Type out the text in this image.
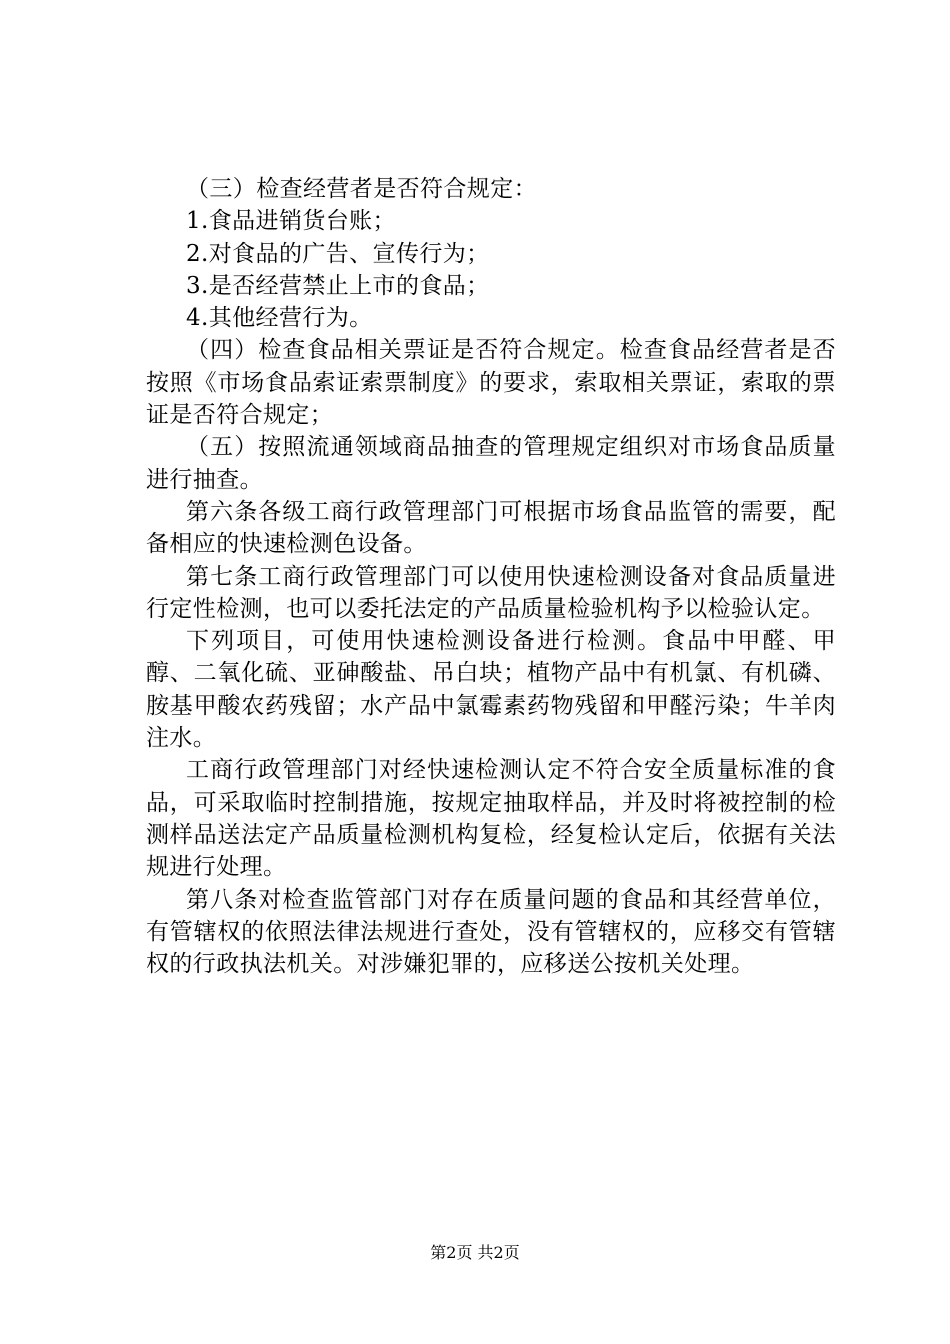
（三）检查经营者是否符合规定：

1.食品进销货台账；

2.对食品的广告、宣传行为；

3.是否经营禁止上市的食品；

4.其他经营行为。

（四）检查食品相关票证是否符合规定。检查食品经营者是否按照《市场食品索证索票制度》的要求，索取相关票证，索取的票证是否符合规定；

（五）按照流通领域商品抽查的管理规定组织对市场食品质量进行抽查。

第六条各级工商行政管理部门可根据市场食品监管的需要，配备相应的快速检测色设备。

第七条工商行政管理部门可以使用快速检测设备对食品质量进行定性检测，也可以委托法定的产品质量检验机构予以检验认定。

下列项目，可使用快速检测设备进行检测。食品中甲醛、甲醇、二氧化硫、亚砷酸盐、吊白块；植物产品中有机氯、有机磷、胺基甲酸农药残留；水产品中氯霉素药物残留和甲醛污染；牛羊肉注水。

工商行政管理部门对经快速检测认定不符合安全质量标准的食品，可采取临时控制措施，按规定抽取样品，并及时将被控制的检测样品送法定产品质量检测机构复检，经复检认定后，依据有关法规进行处理。

第八条对检查监管部门对存在质量问题的食品和其经营单位，有管辖权的依照法律法规进行查处，没有管辖权的，应移交有管辖权的行政执法机关。对涉嫌犯罪的，应移送公按机关处理。

第2页 共2页
